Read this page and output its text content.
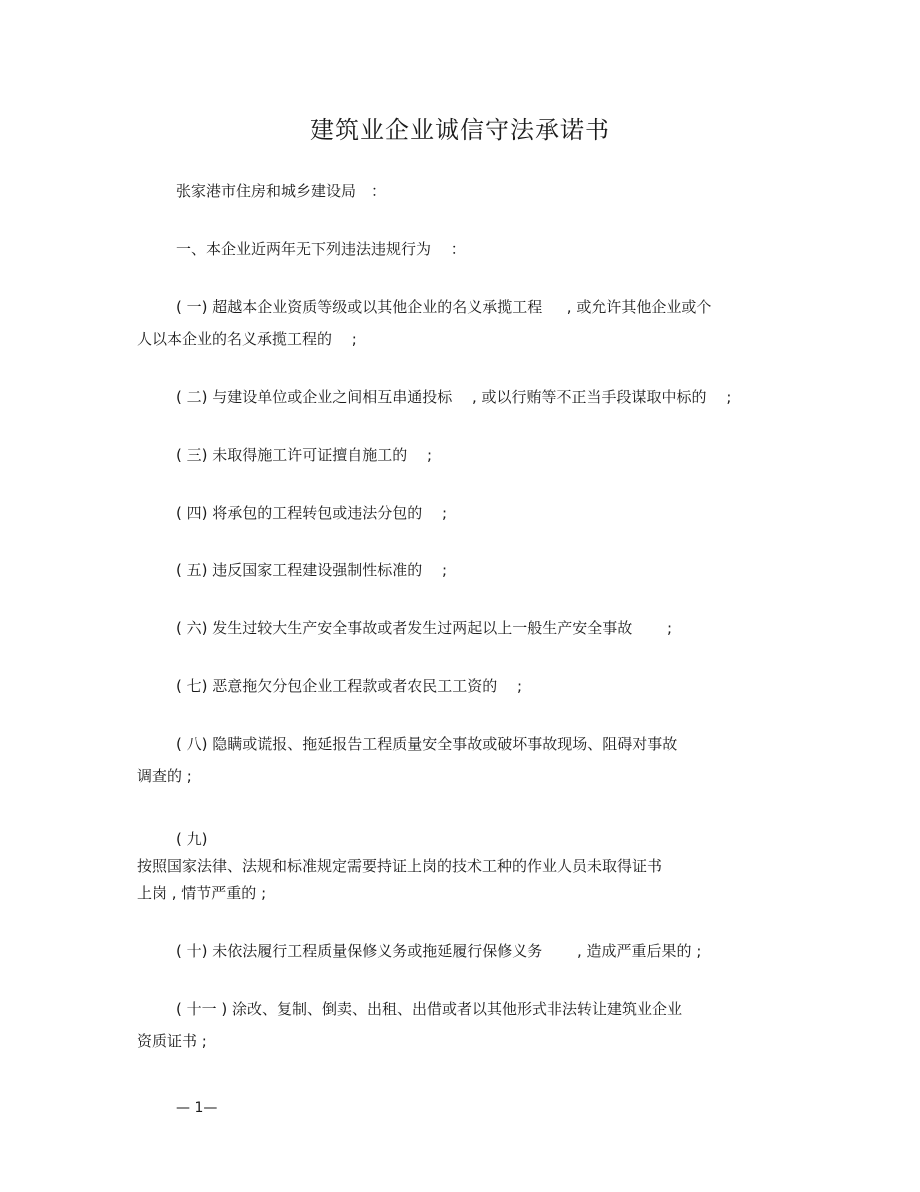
建筑业企业诚信守法承诺书
张家港市住房和城乡建设局　：
一、本企业近两年无下列违法违规行为　 ：
( 一) 超越本企业资质等级或以其他企业的名义承揽工程　  , 或允许其他企业或个
人以本企业的名义承揽工程的　 ;
( 二) 与建设单位或企业之间相互串通投标　 , 或以行贿等不正当手段谋取中标的　 ;
( 三) 未取得施工许可证擅自施工的　 ;
( 四) 将承包的工程转包或违法分包的　 ;
( 五) 违反国家工程建设强制性标准的　 ;
( 六) 发生过较大生产安全事故或者发生过两起以上一般生产安全事故　　 ;
( 七) 恶意拖欠分包企业工程款或者农民工工资的　 ;
( 八) 隐瞒或谎报、拖延报告工程质量安全事故或破坏事故现场、阻碍对事故
调查的 ;
( 九)
按照国家法律、法规和标准规定需要持证上岗的技术工种的作业人员未取得证书
上岗 , 情节严重的 ;
( 十) 未依法履行工程质量保修义务或拖延履行保修义务　　 , 造成严重后果的 ;
( 十一 ) 涂改、复制、倒卖、出租、出借或者以其他形式非法转让建筑业企业
资质证书 ;
— 1—
